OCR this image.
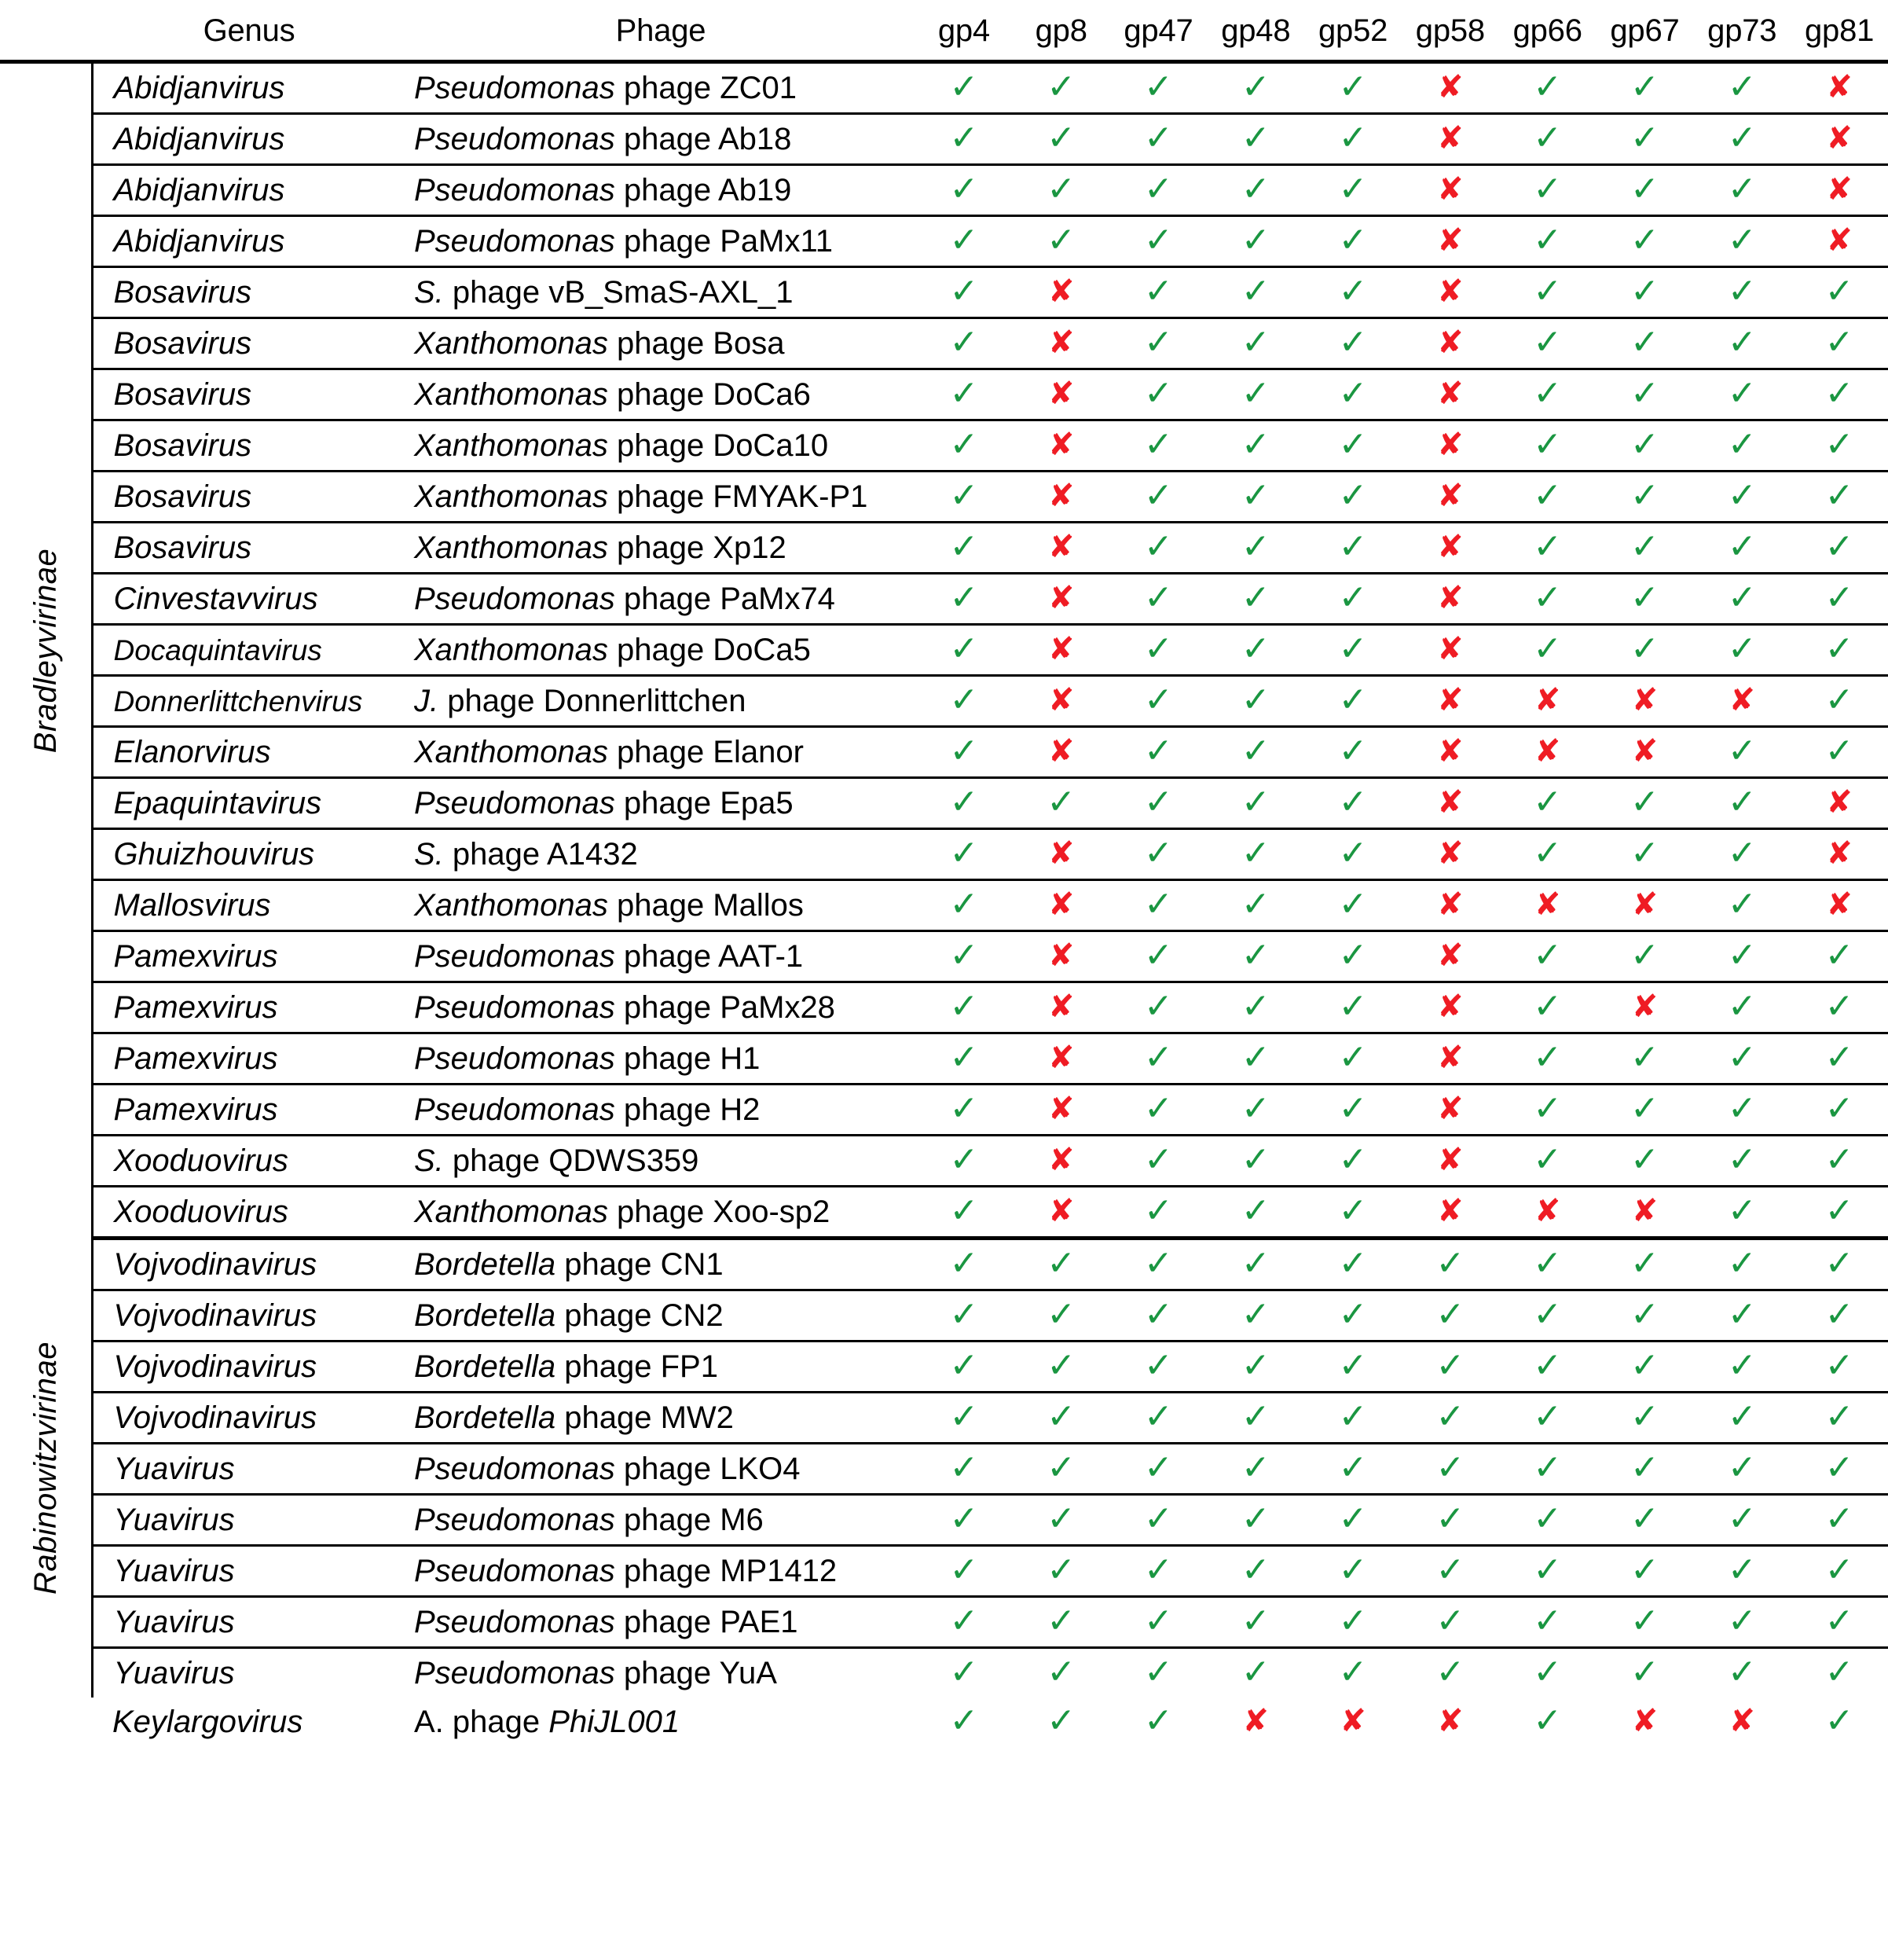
	Genus	Phage	gp4	gp8	gp47	gp48	gp52	gp58	gp66	gp67	gp73	gp81

Bradleyvirinae	Abidjanvirus	Pseudomonas phage ZC01	✓	✓	✓	✓	✓	✘	✓	✓	✓	✘
	Abidjanvirus	Pseudomonas phage Ab18	✓	✓	✓	✓	✓	✘	✓	✓	✓	✘
	Abidjanvirus	Pseudomonas phage Ab19	✓	✓	✓	✓	✓	✘	✓	✓	✓	✘
	Abidjanvirus	Pseudomonas phage PaMx11	✓	✓	✓	✓	✓	✘	✓	✓	✓	✘
	Bosavirus	S. phage vB_SmaS-AXL_1	✓	✘	✓	✓	✓	✘	✓	✓	✓	✓
	Bosavirus	Xanthomonas phage Bosa	✓	✘	✓	✓	✓	✘	✓	✓	✓	✓
	Bosavirus	Xanthomonas phage DoCa6	✓	✘	✓	✓	✓	✘	✓	✓	✓	✓
	Bosavirus	Xanthomonas phage DoCa10	✓	✘	✓	✓	✓	✘	✓	✓	✓	✓
	Bosavirus	Xanthomonas phage FMYAK-P1	✓	✘	✓	✓	✓	✘	✓	✓	✓	✓
	Bosavirus	Xanthomonas phage Xp12	✓	✘	✓	✓	✓	✘	✓	✓	✓	✓
	Cinvestavvirus	Pseudomonas phage PaMx74	✓	✘	✓	✓	✓	✘	✓	✓	✓	✓
	Docaquintavirus	Xanthomonas phage DoCa5	✓	✘	✓	✓	✓	✘	✓	✓	✓	✓
	Donnerlittchenvirus	J. phage Donnerlittchen	✓	✘	✓	✓	✓	✘	✘	✘	✘	✓
	Elanorvirus	Xanthomonas phage Elanor	✓	✘	✓	✓	✓	✘	✘	✘	✓	✓
	Epaquintavirus	Pseudomonas phage Epa5	✓	✓	✓	✓	✓	✘	✓	✓	✓	✘
	Ghuizhouvirus	S. phage A1432	✓	✘	✓	✓	✓	✘	✓	✓	✓	✘
	Mallosvirus	Xanthomonas phage Mallos	✓	✘	✓	✓	✓	✘	✘	✘	✓	✘
	Pamexvirus	Pseudomonas phage AAT-1	✓	✘	✓	✓	✓	✘	✓	✓	✓	✓
	Pamexvirus	Pseudomonas phage PaMx28	✓	✘	✓	✓	✓	✘	✓	✘	✓	✓
	Pamexvirus	Pseudomonas phage H1	✓	✘	✓	✓	✓	✘	✓	✓	✓	✓
	Pamexvirus	Pseudomonas phage H2	✓	✘	✓	✓	✓	✘	✓	✓	✓	✓
	Xooduovirus	S. phage QDWS359	✓	✘	✓	✓	✓	✘	✓	✓	✓	✓
	Xooduovirus	Xanthomonas phage Xoo-sp2	✓	✘	✓	✓	✓	✘	✘	✘	✓	✓

Rabinowitzvirinae	Vojvodinavirus	Bordetella phage CN1	✓	✓	✓	✓	✓	✓	✓	✓	✓	✓
	Vojvodinavirus	Bordetella phage CN2	✓	✓	✓	✓	✓	✓	✓	✓	✓	✓
	Vojvodinavirus	Bordetella phage FP1	✓	✓	✓	✓	✓	✓	✓	✓	✓	✓
	Vojvodinavirus	Bordetella phage MW2	✓	✓	✓	✓	✓	✓	✓	✓	✓	✓
	Yuavirus	Pseudomonas phage LKO4	✓	✓	✓	✓	✓	✓	✓	✓	✓	✓
	Yuavirus	Pseudomonas phage M6	✓	✓	✓	✓	✓	✓	✓	✓	✓	✓
	Yuavirus	Pseudomonas phage MP1412	✓	✓	✓	✓	✓	✓	✓	✓	✓	✓
	Yuavirus	Pseudomonas phage PAE1	✓	✓	✓	✓	✓	✓	✓	✓	✓	✓
	Yuavirus	Pseudomonas phage YuA	✓	✓	✓	✓	✓	✓	✓	✓	✓	✓
	Keylargovirus	A. phage PhiJL001	✓	✓	✓	✘	✘	✘	✓	✘	✘	✓
